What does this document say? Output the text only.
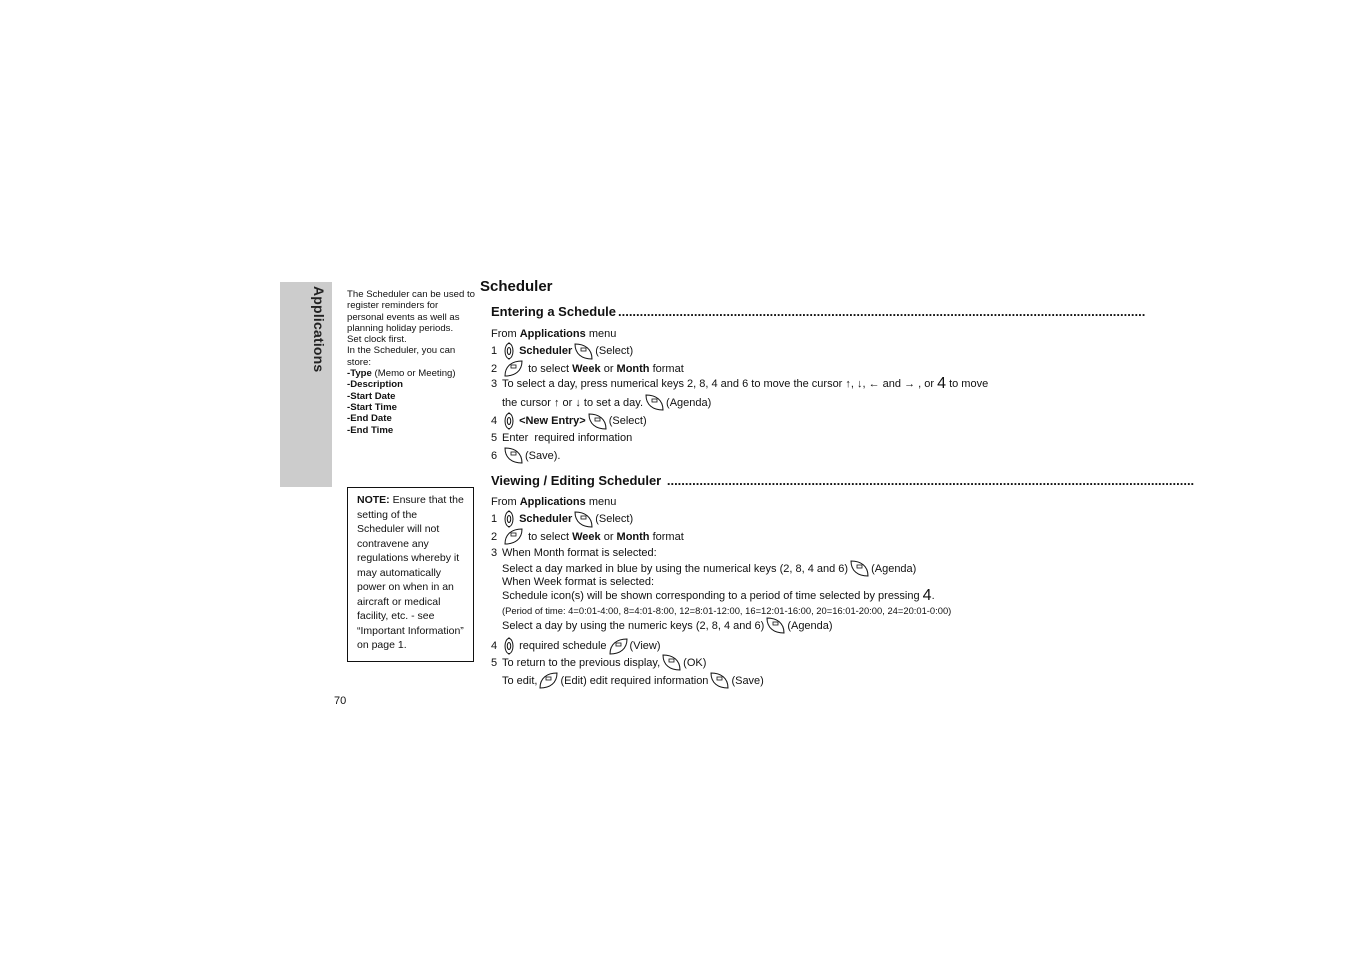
Applications The Scheduler can be used to
register reminders for
personal events as well as
planning holiday periods.
Set clock first.
In the Scheduler, you can
store:
-Type (Memo or Meeting)
-Description
-Start Date
-Start Time
-End Date
-End Time
NOTE: Ensure that the setting of the Scheduler will not contravene any regulations whereby it may automatically power on when in an aircraft or medical facility, etc. - see “Important Information” on page 1.
Scheduler
Entering a Schedule ..................................................................................................................................................
From
Applications
menu
1
	Scheduler (Select)
2
	to select
Week or Month format
3 To select a day, press numerical keys 2, 8, 4 and 6 to move the cursor ↑, ↓, ← and → , or 4 to move
the cursor ↑ or ↓ to set a day. (Agenda)
4
	<New Entry> (Select)
5 Enter  required information
6	(Save).
Viewing / Editing Scheduler ..................................................................................................................................................
From
Applications
menu
1
	Scheduler (Select)
2
	to select
Week or Month format
3 When Month format is selected:
Select a day marked in blue by using the numerical keys (2, 8, 4 and 6) (Agenda)
When Week format is selected:
Schedule icon(s) will be shown corresponding to a period of time selected by pressing 4 .
(Period of time: 4=0:01-4:00, 8=4:01-8:00, 12=8:01-12:00, 16=12:01-16:00, 20=16:01-20:00, 24=20:01-0:00)
Select a day by using the numeric keys (2, 8, 4 and 6) (Agenda)
4
	required schedule (View)
5 To return to the previous display, (OK)
To edit, (Edit) edit required information (Save)
70
